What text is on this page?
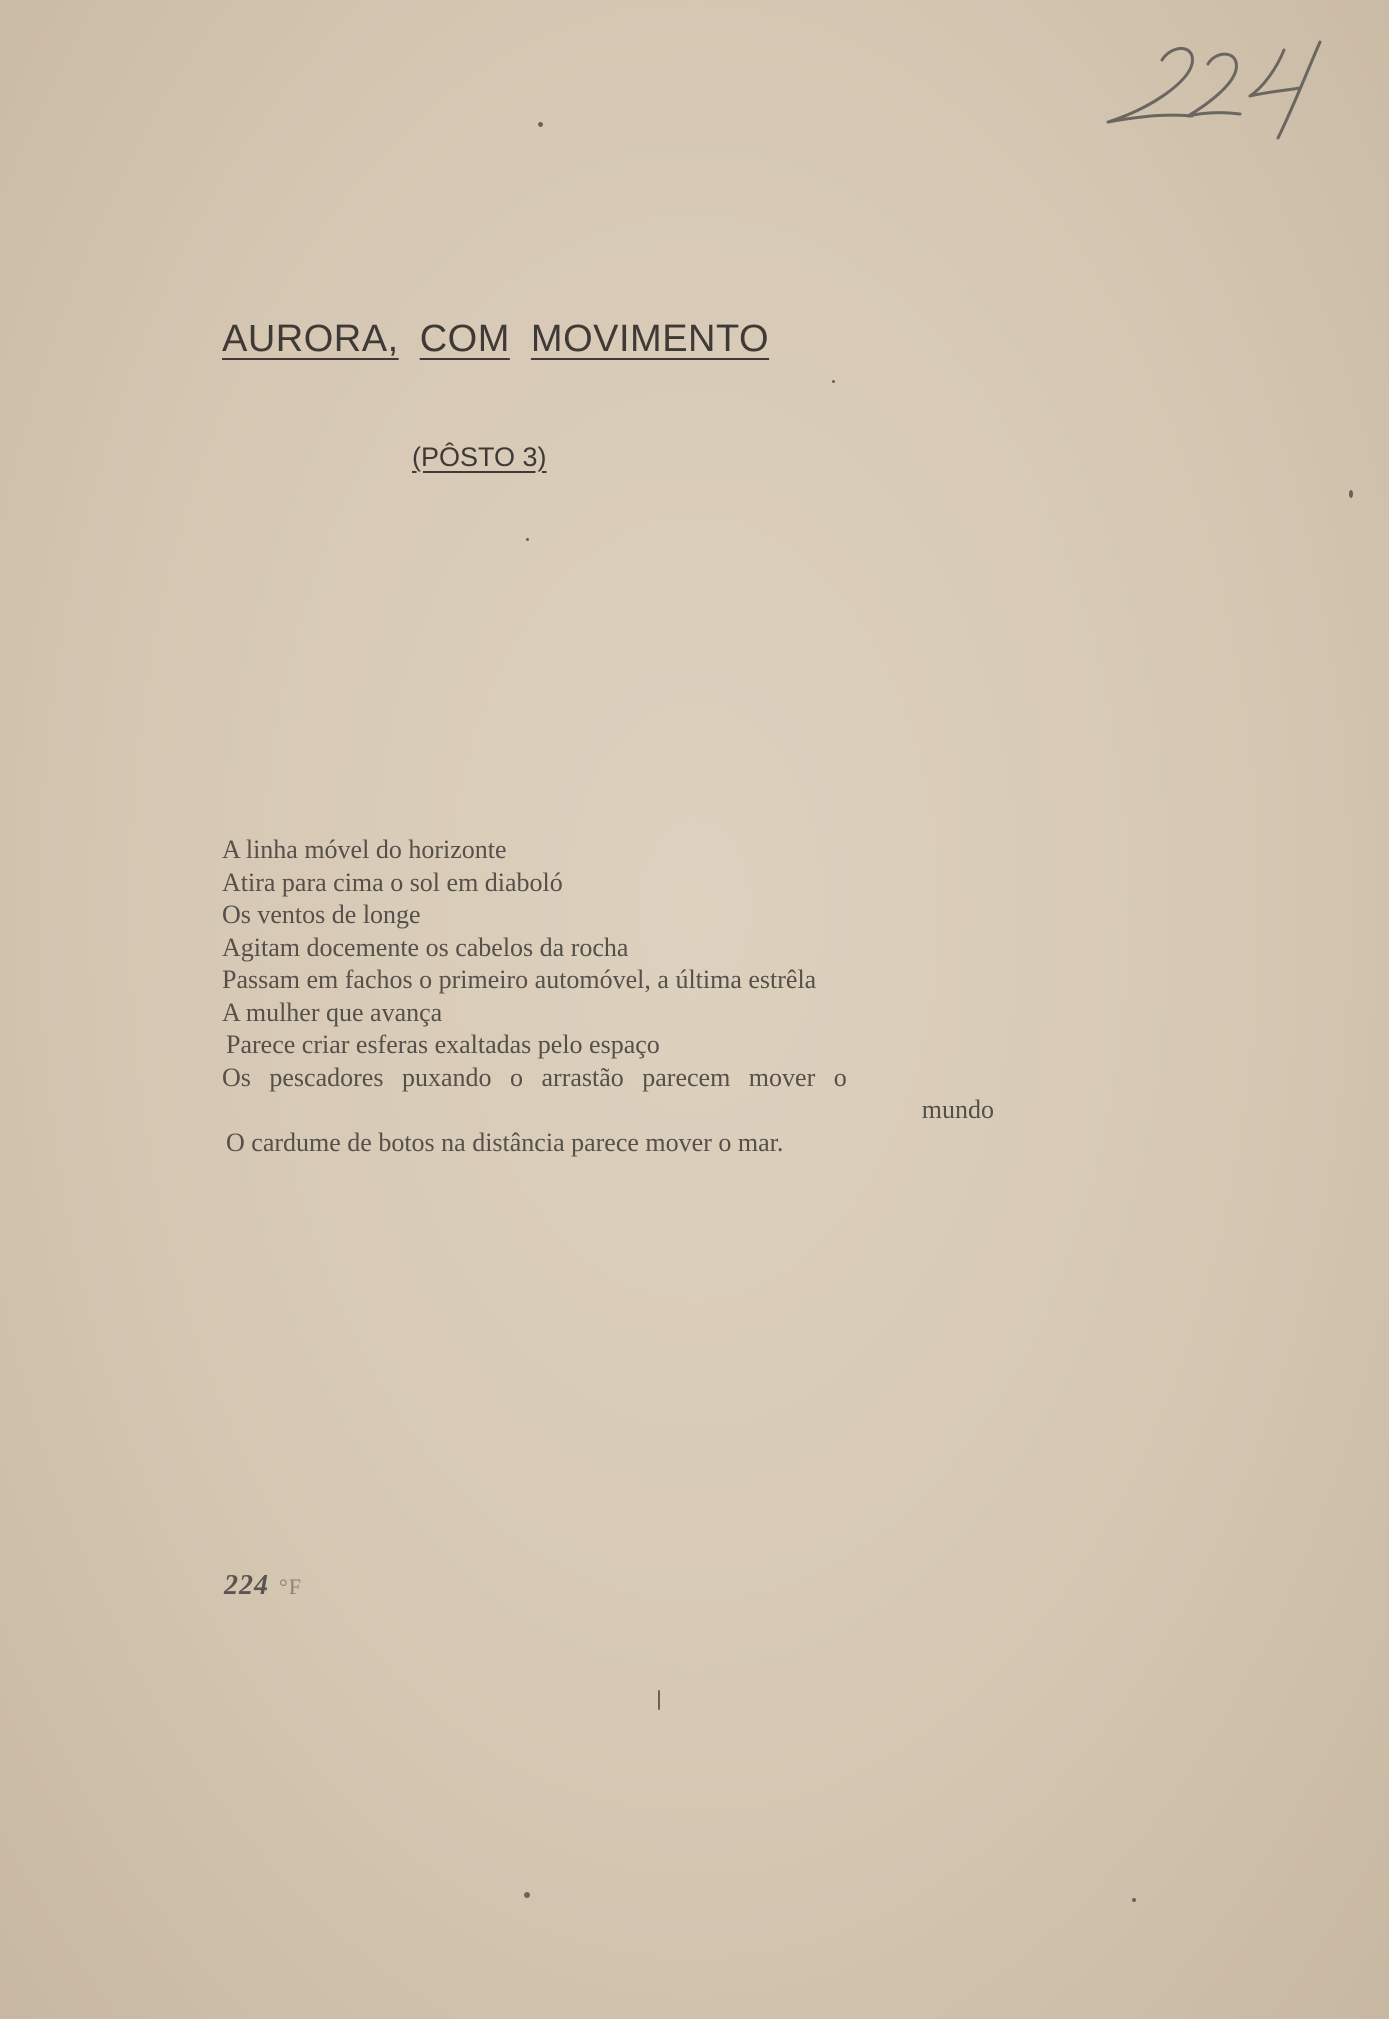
AURORA, COM MOVIMENTO
(PÔSTO 3)
A linha móvel do horizonte
Atira para cima o sol em diaboló
Os ventos de longe
Agitam docemente os cabelos da rocha
Passam em fachos o primeiro automóvel, a última estrêla
A mulher que avança
Parece criar esferas exaltadas pelo espaço
Os pescadores puxando o arrastão parecem mover o
mundo
O cardume de botos na distância parece mover o mar.
224 °F
